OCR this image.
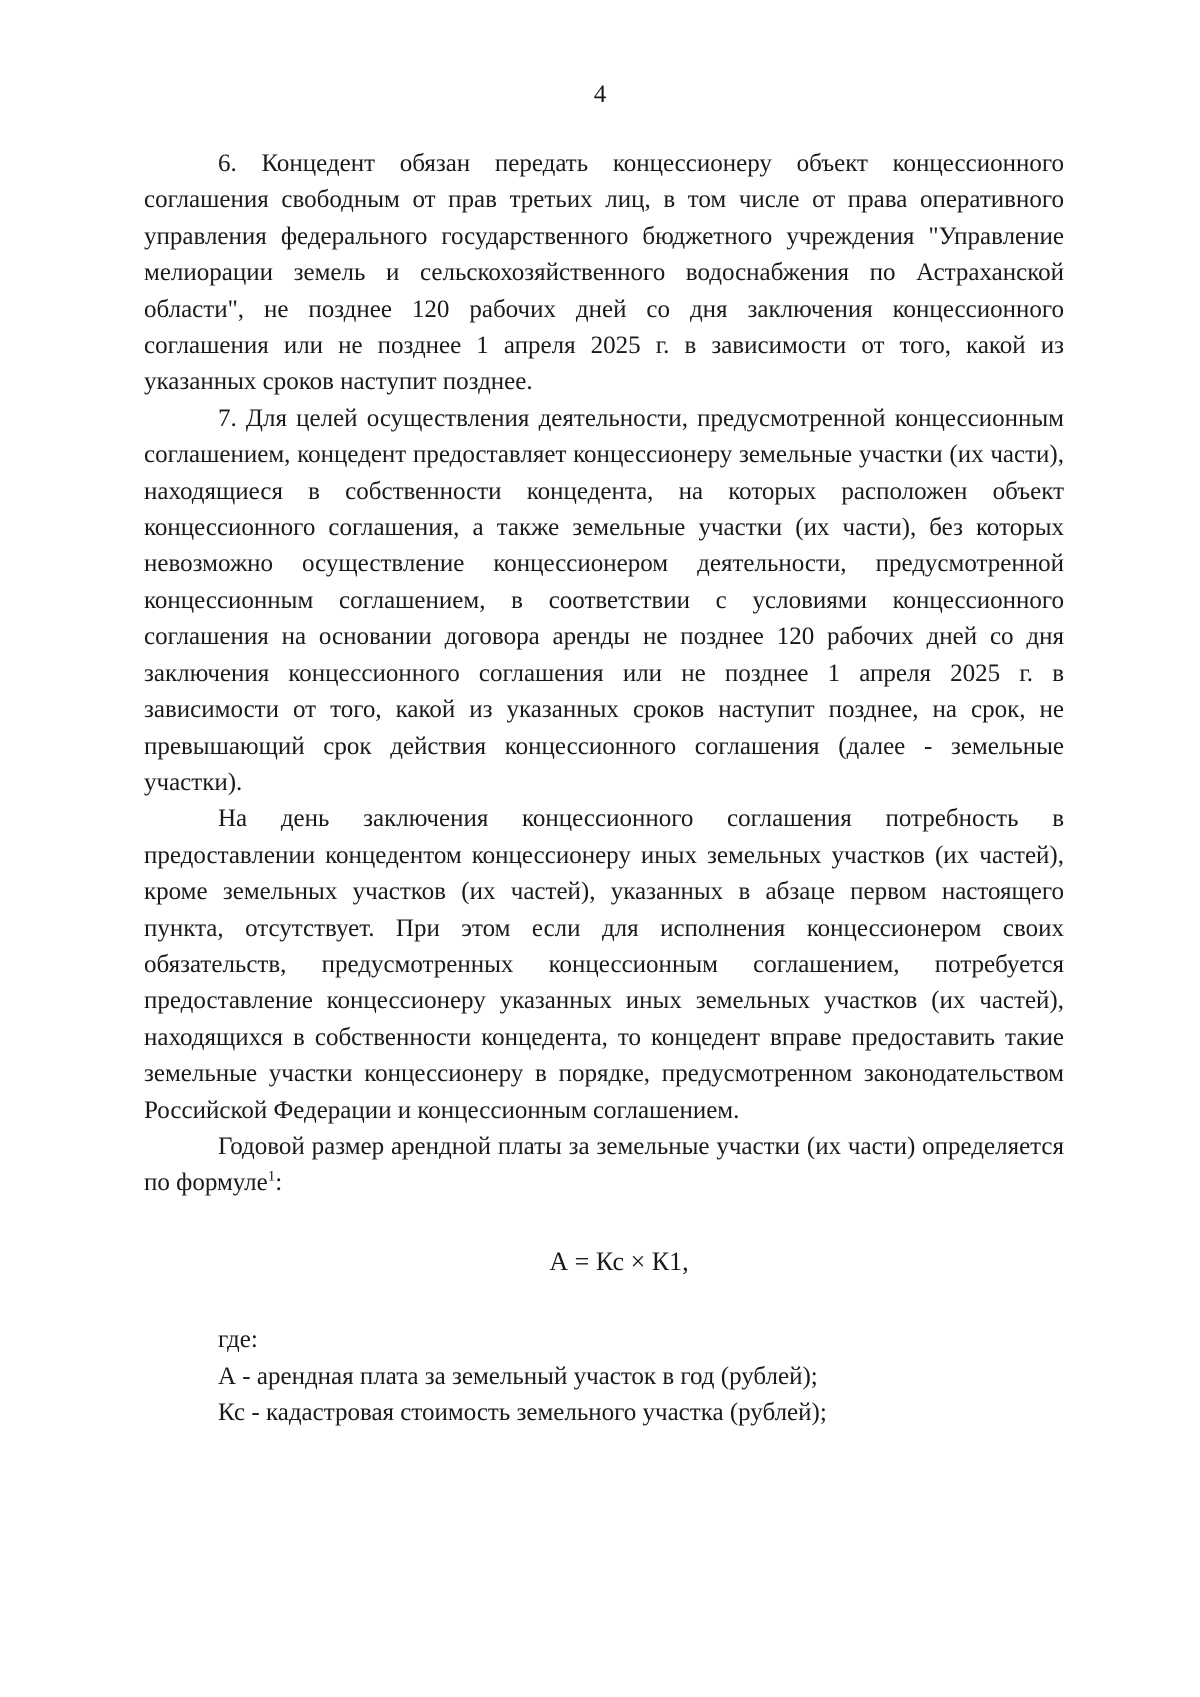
4

6. Концедент обязан передать концессионеру объект концессионного соглашения свободным от прав третьих лиц, в том числе от права оперативного управления федерального государственного бюджетного учреждения "Управление мелиорации земель и сельскохозяйственного водоснабжения по Астраханской области", не позднее 120 рабочих дней со дня заключения концессионного соглашения или не позднее 1 апреля 2025 г. в зависимости от того, какой из указанных сроков наступит позднее.

7. Для целей осуществления деятельности, предусмотренной концессионным соглашением, концедент предоставляет концессионеру земельные участки (их части), находящиеся в собственности концедента, на которых расположен объект концессионного соглашения, а также земельные участки (их части), без которых невозможно осуществление концессионером деятельности, предусмотренной концессионным соглашением, в соответствии с условиями концессионного соглашения на основании договора аренды не позднее 120 рабочих дней со дня заключения концессионного соглашения или не позднее 1 апреля 2025 г. в зависимости от того, какой из указанных сроков наступит позднее, на срок, не превышающий срок действия концессионного соглашения (далее - земельные участки).

На день заключения концессионного соглашения потребность в предоставлении концедентом концессионеру иных земельных участков (их частей), кроме земельных участков (их частей), указанных в абзаце первом настоящего пункта, отсутствует. При этом если для исполнения концессионером своих обязательств, предусмотренных концессионным соглашением, потребуется предоставление концессионеру указанных иных земельных участков (их частей), находящихся в собственности концедента, то концедент вправе предоставить такие земельные участки концессионеру в порядке, предусмотренном законодательством Российской Федерации и концессионным соглашением.

Годовой размер арендной платы за земельные участки (их части) определяется по формуле$^1$:

А = Кс × К1,

где:

А - арендная плата за земельный участок в год (рублей);

Кс - кадастровая стоимость земельного участка (рублей);
